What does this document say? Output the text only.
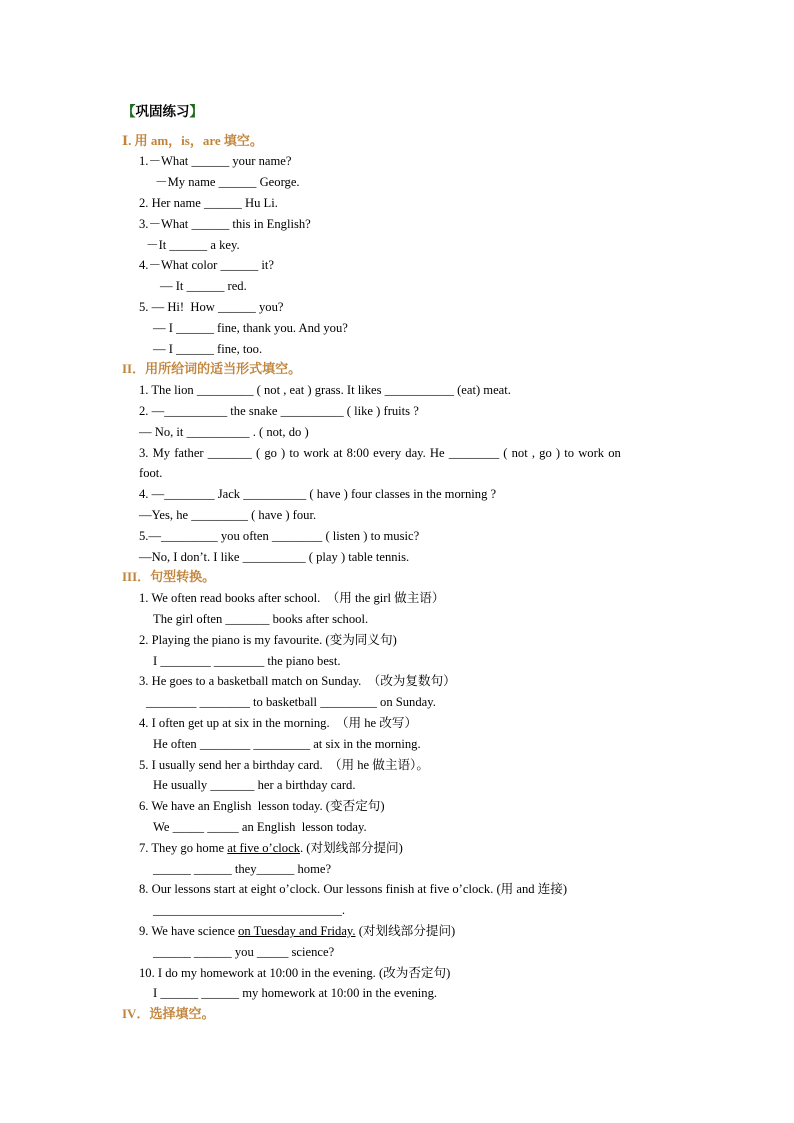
【巩固练习】
Ⅰ. 用 am，is，are 填空。
1.－What ______ your name?
－My name ______ George.
2. Her name ______ Hu Li.
3.－What ______ this in English?
－It ______ a key.
4.－What color ______ it?
— It ______ red.
5. — Hi!  How ______ you?
— I ______ fine, thank you. And you?
— I ______ fine, too.
II．用所给词的适当形式填空。
1. The lion _________ ( not , eat ) grass. It likes ___________ (eat) meat.
2. —__________ the snake __________ ( like ) fruits ?
— No, it __________ . ( not, do )
3. My father _______ ( go ) to work at 8:00 every day. He ________ ( not , go ) to work on
foot.
4. —________ Jack __________ ( have ) four classes in the morning ?
—Yes, he _________ ( have ) four.
5.—_________ you often ________ ( listen ) to music?
—No, I don’t. I like __________ ( play ) table tennis.
III．句型转换。
1. We often read books after school.  （用 the girl 做主语）
The girl often _______ books after school.
2. Playing the piano is my favourite. (变为同义句)
I ________ ________ the piano best.
3. He goes to a basketball match on Sunday.  （改为复数句）
________ ________ to basketball _________ on Sunday.
4. I often get up at six in the morning.  （用 he 改写）
He often ________ _________ at six in the morning.
5. I usually send her a birthday card.  （用 he 做主语）。
He usually _______ her a birthday card.
6. We have an English  lesson today. (变否定句)
We _____ _____ an English  lesson today.
7. They go home at five o’clock. (对划线部分提问)
______ ______ they______ home?
8. Our lessons start at eight o’clock. Our lessons finish at five o’clock. (用 and 连接)
______________________________.
9. We have science on Tuesday and Friday. (对划线部分提问)
______ ______ you _____ science?
10. I do my homework at 10:00 in the evening. (改为否定句)
I ______ ______ my homework at 10:00 in the evening.
IV．选择填空。
